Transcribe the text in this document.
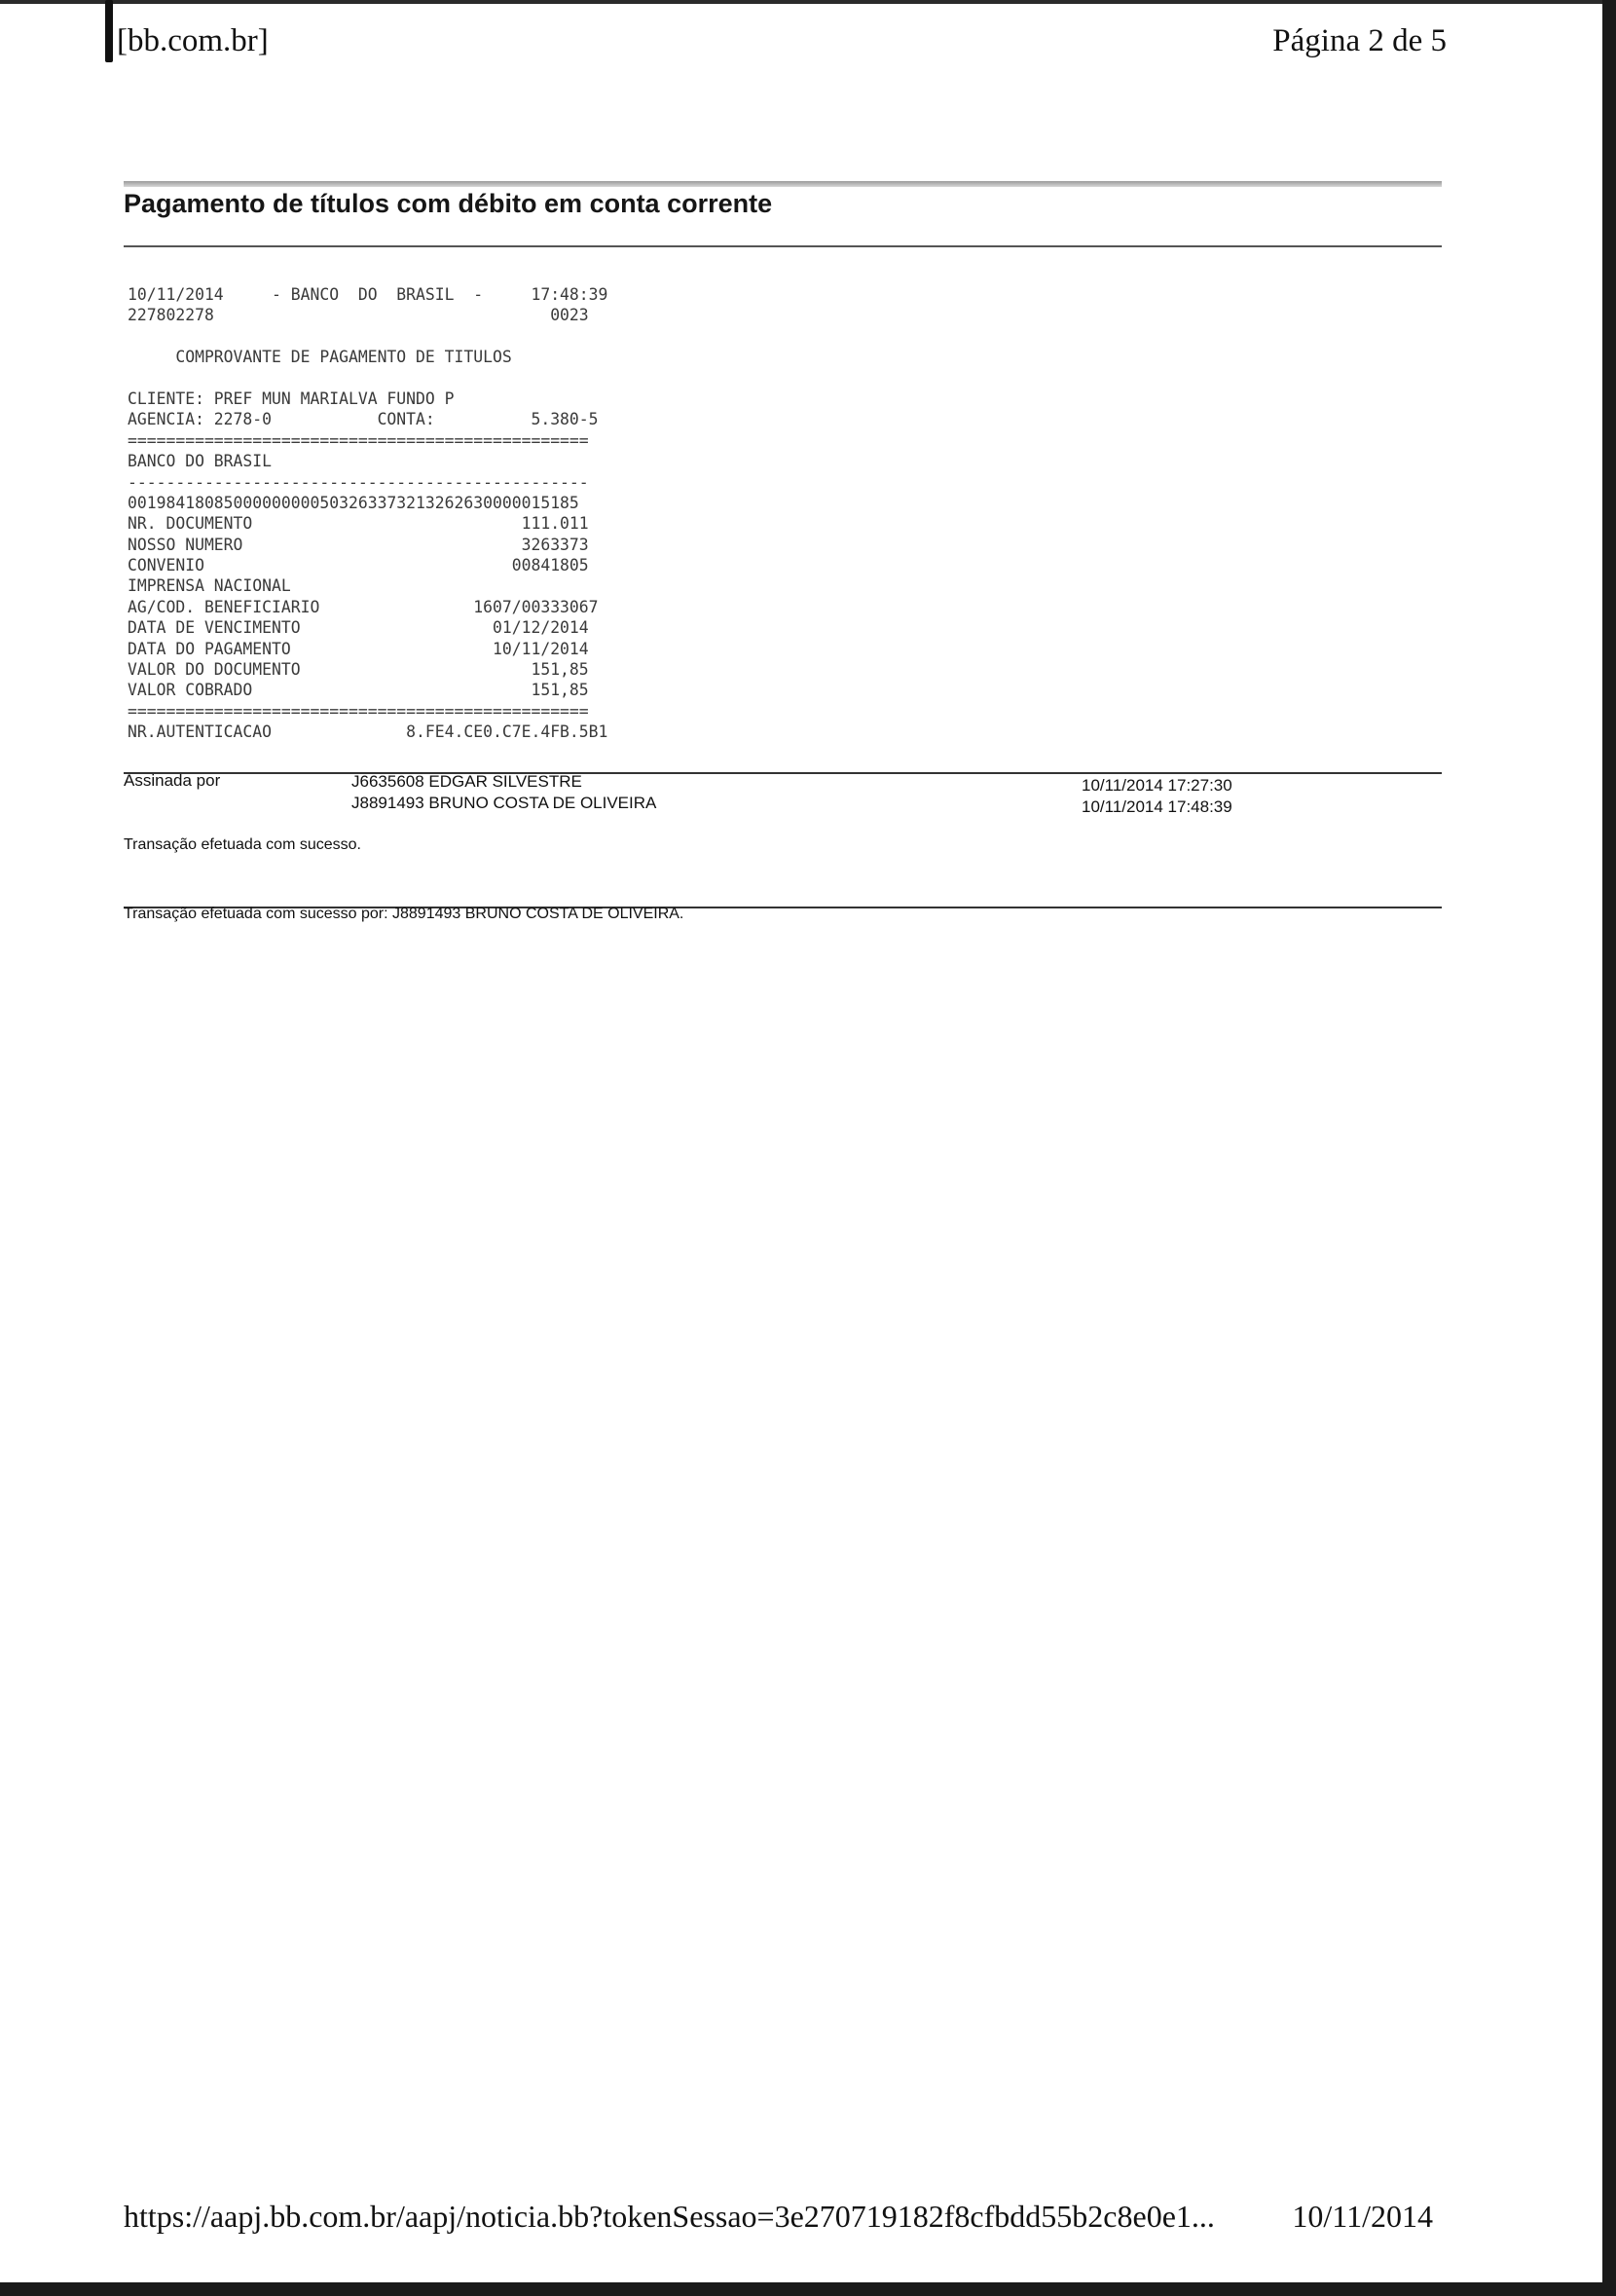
[bb.com.br]	Página 2 de 5
Pagamento de títulos com débito em conta corrente
10/11/2014     - BANCO  DO  BRASIL  -     17:48:39
227802278                                   0023
COMPROVANTE DE PAGAMENTO DE TITULOS
CLIENTE: PREF MUN MARIALVA FUNDO P
AGENCIA: 2278-0           CONTA:          5.380-5
================================================
BANCO DO BRASIL
------------------------------------------------
00198418085000000000503263373213262630000015185
NR. DOCUMENTO                            111.011
NOSSO NUMERO                             3263373
CONVENIO                                00841805
IMPRENSA NACIONAL
AG/COD. BENEFICIARIO                1607/00333067
DATA DE VENCIMENTO                    01/12/2014
DATA DO PAGAMENTO                     10/11/2014
VALOR DO DOCUMENTO                        151,85
VALOR COBRADO                             151,85
================================================
NR.AUTENTICACAO              8.FE4.CE0.C7E.4FB.5B1
Assinada por	J6635608 EDGAR SILVESTRE
J8891493 BRUNO COSTA DE OLIVEIRA
10/11/2014 17:27:30
10/11/2014 17:48:39
Transação efetuada com sucesso.
Transação efetuada com sucesso por: J8891493 BRUNO COSTA DE OLIVEIRA.
https://aapj.bb.com.br/aapj/noticia.bb?tokenSessao=3e270719182f8cfbdd55b2c8e0e1... 10/11/2014
